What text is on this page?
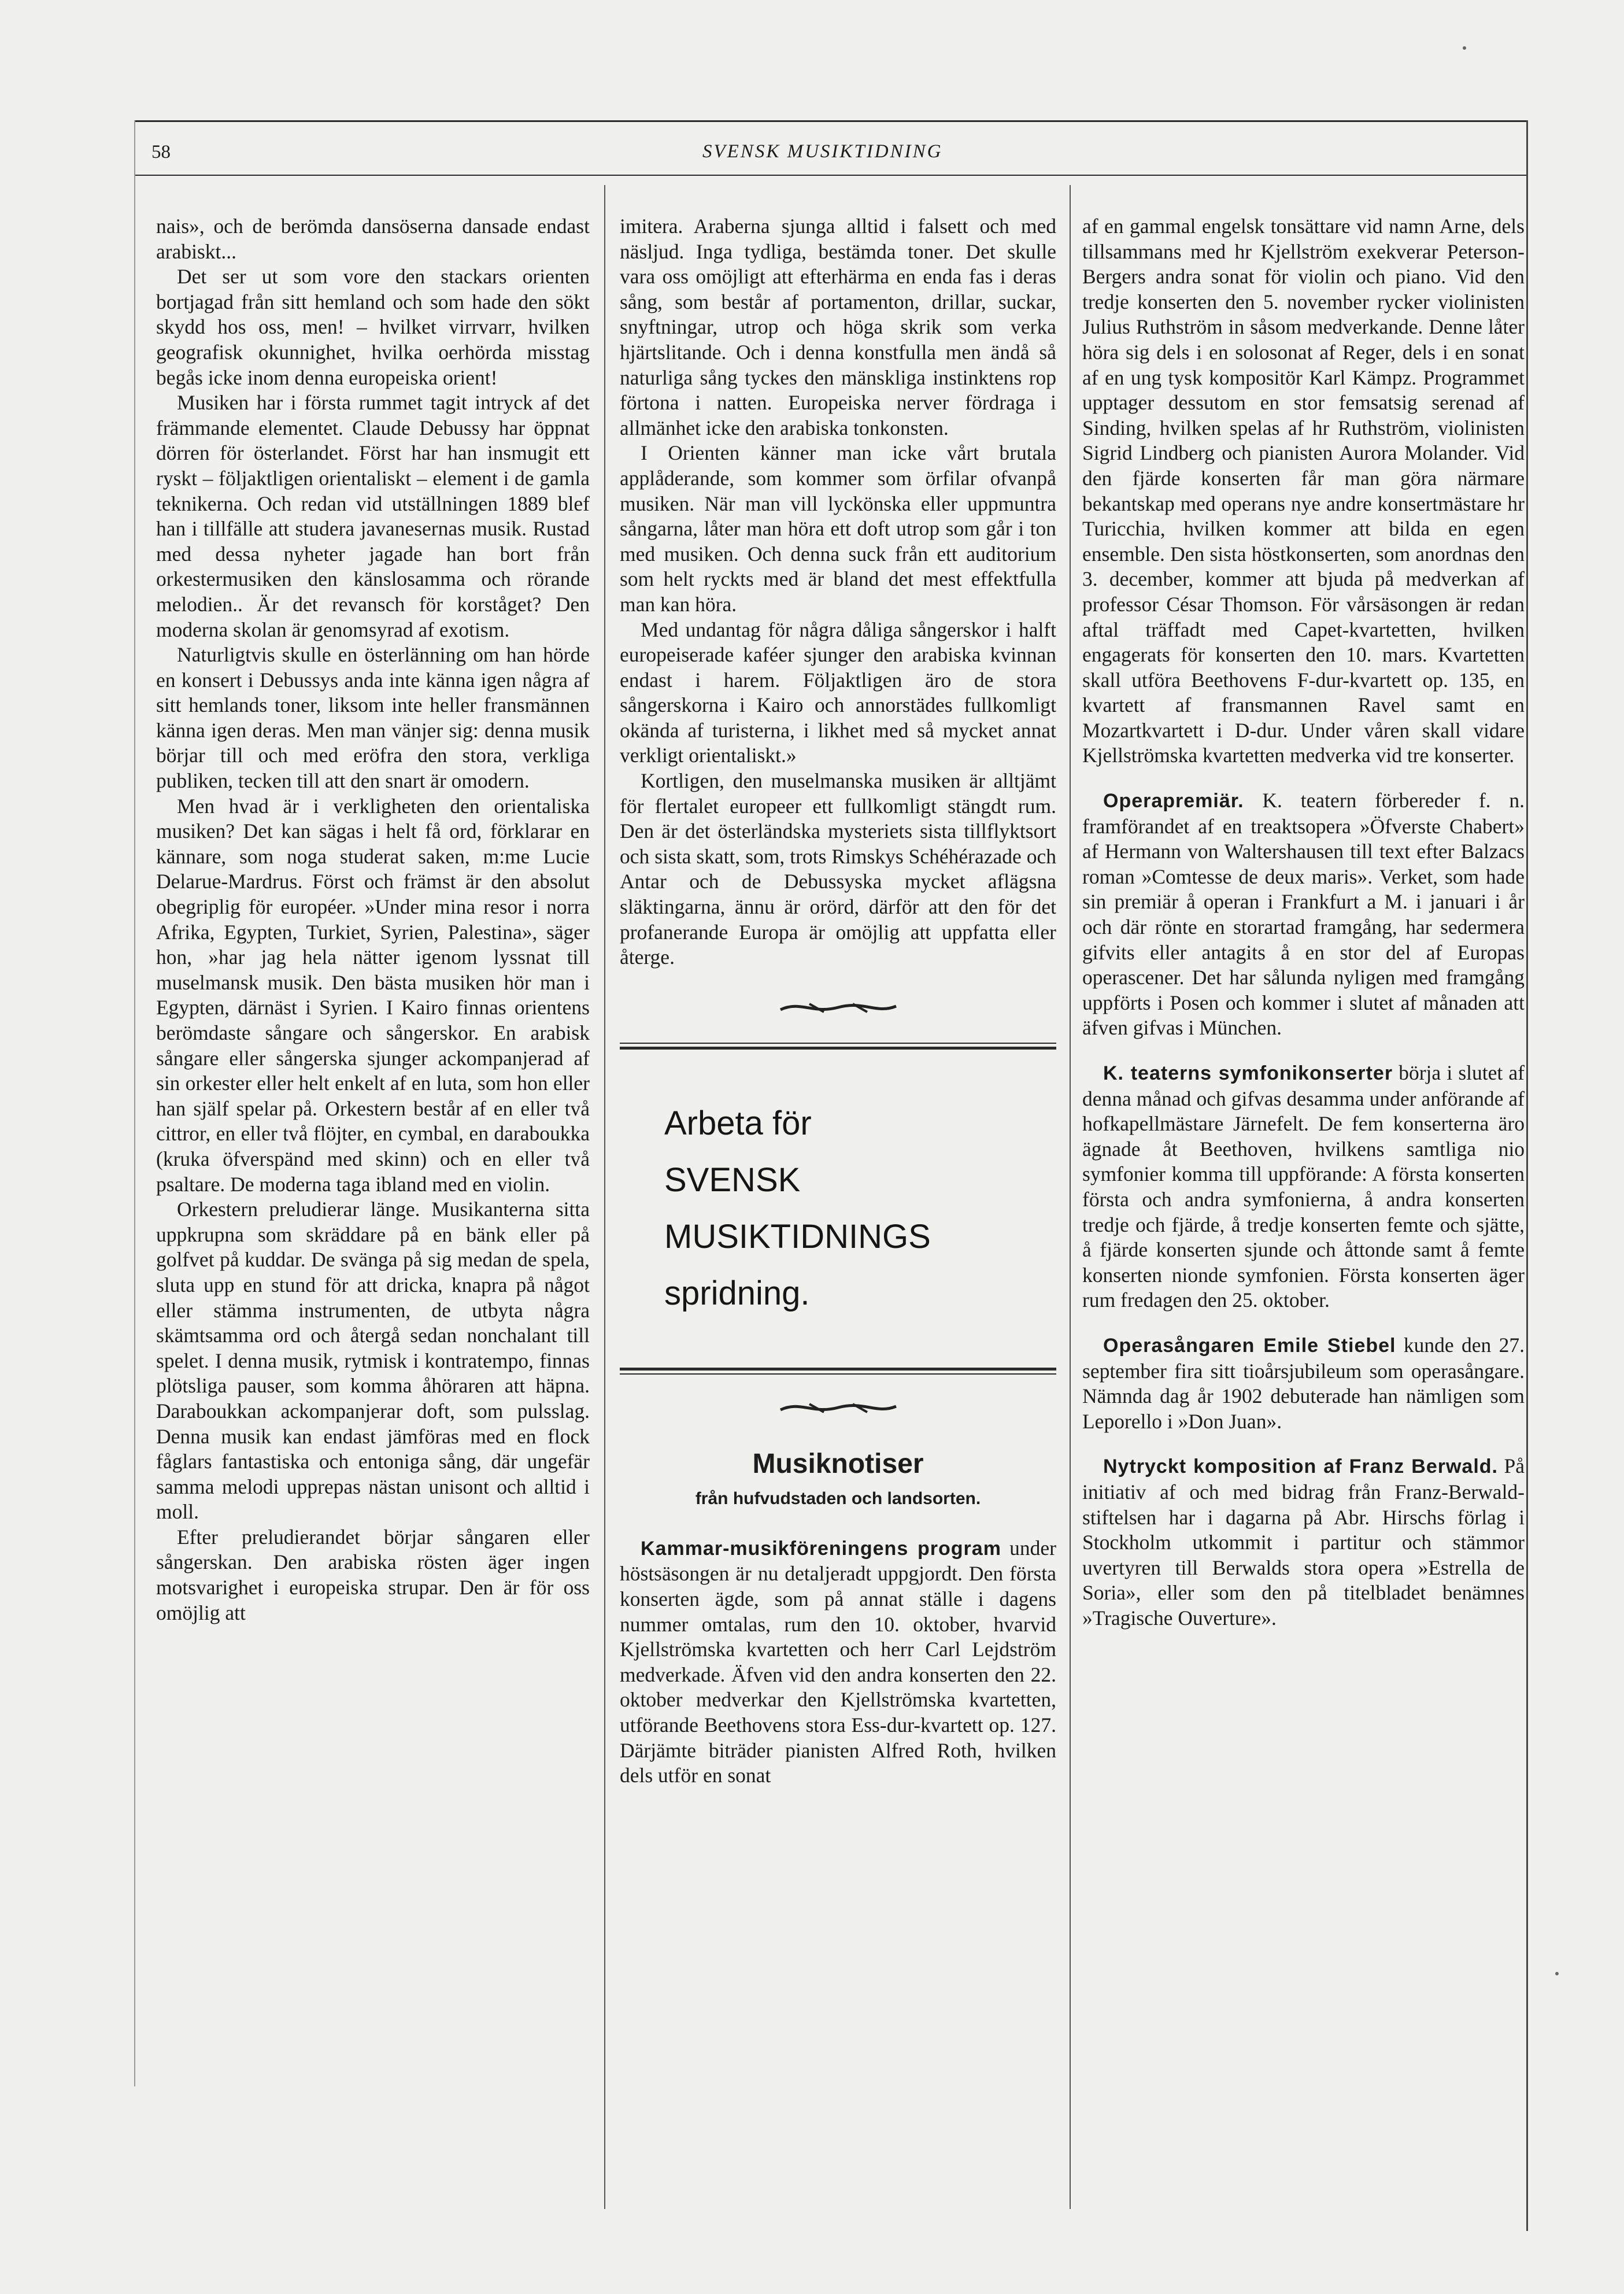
58	SVENSK MUSIKTIDNING

nais», och de berömda dansöserna dansade endast arabiskt...

Det ser ut som vore den stackars orienten bortjagad från sitt hemland och som hade den sökt skydd hos oss, men! – hvilket virrvarr, hvilken geografisk okunnighet, hvilka oerhörda misstag begås icke inom denna europeiska orient!

Musiken har i första rummet tagit intryck af det främmande elementet. Claude Debussy har öppnat dörren för österlandet. Först har han insmugit ett ryskt – följaktligen orientaliskt – element i de gamla teknikerna. Och redan vid utställningen 1889 blef han i tillfälle att studera javanesernas musik. Rustad med dessa nyheter jagade han bort från orkestermusiken den känslosamma och rörande melodien.. Är det revansch för korståget? Den moderna skolan är genomsyrad af exotism.

Naturligtvis skulle en österlänning om han hörde en konsert i Debussys anda inte känna igen några af sitt hemlands toner, liksom inte heller fransmännen känna igen deras. Men man vänjer sig: denna musik börjar till och med eröfra den stora, verkliga publiken, tecken till att den snart är omodern.

Men hvad är i verkligheten den orientaliska musiken? Det kan sägas i helt få ord, förklarar en kännare, som noga studerat saken, m:me Lucie Delarue-Mardrus. Först och främst är den absolut obegriplig för européer. »Under mina resor i norra Afrika, Egypten, Turkiet, Syrien, Palestina», säger hon, »har jag hela nätter igenom lyssnat till muselmansk musik. Den bästa musiken hör man i Egypten, därnäst i Syrien. I Kairo finnas orientens berömdaste sångare och sångerskor. En arabisk sångare eller sångerska sjunger ackompanjerad af sin orkester eller helt enkelt af en luta, som hon eller han själf spelar på. Orkestern består af en eller två cittror, en eller två flöjter, en cymbal, en daraboukka (kruka öfverspänd med skinn) och en eller två psaltare. De moderna taga ibland med en violin.

Orkestern preludierar länge. Musikanterna sitta uppkrupna som skräddare på en bänk eller på golfvet på kuddar. De svänga på sig medan de spela, sluta upp en stund för att dricka, knapra på något eller stämma instrumenten, de utbyta några skämtsamma ord och återgå sedan nonchalant till spelet. I denna musik, rytmisk i kontratempo, finnas plötsliga pauser, som komma åhöraren att häpna. Daraboukkan ackompanjerar doft, som pulsslag. Denna musik kan endast jämföras med en flock fåglars fantastiska och entoniga sång, där ungefär samma melodi upprepas nästan unisont och alltid i moll.

Efter preludierandet börjar sångaren eller sångerskan. Den arabiska rösten äger ingen motsvarighet i europeiska strupar. Den är för oss omöjlig att

imitera. Araberna sjunga alltid i falsett och med näsljud. Inga tydliga, bestämda toner. Det skulle vara oss omöjligt att efterhärma en enda fas i deras sång, som består af portamenton, drillar, suckar, snyftningar, utrop och höga skrik som verka hjärtslitande. Och i denna konstfulla men ändå så naturliga sång tyckes den mänskliga instinktens rop förtona i natten. Europeiska nerver fördraga i allmänhet icke den arabiska tonkonsten.

I Orienten känner man icke vårt brutala applåderande, som kommer som örfilar ofvanpå musiken. När man vill lyckönska eller uppmuntra sångarna, låter man höra ett doft utrop som går i ton med musiken. Och denna suck från ett auditorium som helt ryckts med är bland det mest effektfulla man kan höra.

Med undantag för några dåliga sångerskor i halft europeiserade kaféer sjunger den arabiska kvinnan endast i harem. Följaktligen äro de stora sångerskorna i Kairo och annorstädes fullkomligt okända af turisterna, i likhet med så mycket annat verkligt orientaliskt.»

Kortligen, den muselmanska musiken är alltjämt för flertalet europeer ett fullkomligt stängdt rum. Den är det österländska mysteriets sista tillflyktsort och sista skatt, som, trots Rimskys Schéhérazade och Antar och de Debussyska mycket aflägsna släktingarna, ännu är orörd, därför att den för det profanerande Europa är omöjlig att uppfatta eller återge.

Arbeta för
SVENSK
MUSIKTIDNINGS
spridning.
Musiknotiser
från hufvudstaden och landsorten.

Kammar-musikföreningens program under höstsäsongen är nu detaljeradt uppgjordt. Den första konserten ägde, som på annat ställe i dagens nummer omtalas, rum den 10. oktober, hvarvid Kjellströmska kvartetten och herr Carl Lejdström medverkade. Äfven vid den andra konserten den 22. oktober medverkar den Kjellströmska kvartetten, utförande Beethovens stora Ess-dur-kvartett op. 127. Därjämte biträder pianisten Alfred Roth, hvilken dels utför en sonat

af en gammal engelsk tonsättare vid namn Arne, dels tillsammans med hr Kjellström exekverar Peterson-Bergers andra sonat för violin och piano. Vid den tredje konserten den 5. november rycker violinisten Julius Ruthström in såsom medverkande. Denne låter höra sig dels i en solosonat af Reger, dels i en sonat af en ung tysk kompositör Karl Kämpz. Programmet upptager dessutom en stor femsatsig serenad af Sinding, hvilken spelas af hr Ruthström, violinisten Sigrid Lindberg och pianisten Aurora Molander. Vid den fjärde konserten får man göra närmare bekantskap med operans nye andre konsertmästare hr Turicchia, hvilken kommer att bilda en egen ensemble. Den sista höstkonserten, som anordnas den 3. december, kommer att bjuda på medverkan af professor César Thomson. För vårsäsongen är redan aftal träffadt med Capet-kvartetten, hvilken engagerats för konserten den 10. mars. Kvartetten skall utföra Beethovens F-dur-kvartett op. 135, en kvartett af fransmannen Ravel samt en Mozartkvartett i D-dur. Under våren skall vidare Kjellströmska kvartetten medverka vid tre konserter.

Operapremiär. K. teatern förbereder f. n. framförandet af en treaktsopera »Öfverste Chabert» af Hermann von Waltershausen till text efter Balzacs roman »Comtesse de deux maris». Verket, som hade sin premiär å operan i Frankfurt a M. i januari i år och där rönte en storartad framgång, har sedermera gifvits eller antagits å en stor del af Europas operascener. Det har sålunda nyligen med framgång uppförts i Posen och kommer i slutet af månaden att äfven gifvas i München.

K. teaterns symfonikonserter börja i slutet af denna månad och gifvas desamma under anförande af hofkapellmästare Järnefelt. De fem konserterna äro ägnade åt Beethoven, hvilkens samtliga nio symfonier komma till uppförande: A första konserten första och andra symfonierna, å andra konserten tredje och fjärde, å tredje konserten femte och sjätte, å fjärde konserten sjunde och åttonde samt å femte konserten nionde symfonien. Första konserten äger rum fredagen den 25. oktober.

Operasångaren Emile Stiebel kunde den 27. september fira sitt tioårsjubileum som operasångare. Nämnda dag år 1902 debuterade han nämligen som Leporello i »Don Juan».

Nytryckt komposition af Franz Berwald. På initiativ af och med bidrag från Franz-Berwald-stiftelsen har i dagarna på Abr. Hirschs förlag i Stockholm utkommit i partitur och stämmor uvertyren till Berwalds stora opera »Estrella de Soria», eller som den på titelbladet benämnes »Tragische Ouverture».
